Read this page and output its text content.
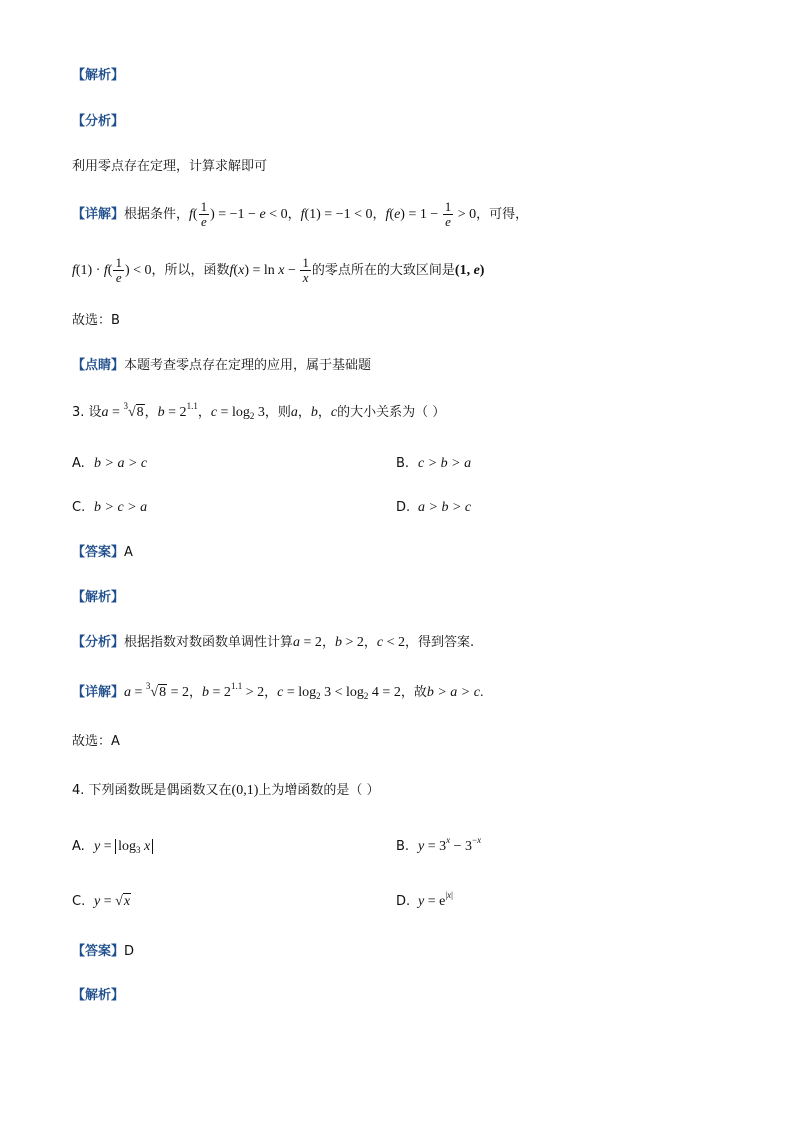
【解析】
【分析】
利用零点存在定理，计算求解即可
【详解】根据条件，$f( \frac{1}{e}$ ) = −1 − e < 0，f(1) = −1 < 0，$f(e) = 1 - \frac{1}{e} > 0$，可得，
$f(1) \cdot f( \frac{1}{e}$ ) < 0，所以，函数$f(x) = \ln x - \frac{1}{x}$ 的零点所在的大致区间是(1, e)
故选：B
【点睛】本题考查零点存在定理的应用，属于基础题
3. 设a = $^3$√8，$b = 2^{1.1}$，$c = \log_2 3$，则a，b，c的大小关系为（ ）
A. b > a > c	B. c > b > a
C. b > c > a	D. a > b > c
【答案】A
【解析】
【分析】根据指数对数函数单调性计算a = 2，b > 2，c < 2，得到答案.
【详解】a = $^3$√8 = 2，$b = 2^{1.1} > 2$，$c = \log_2 3 < \log_2 4 = 2$，故b > a > c.
故选：A
4. 下列函数既是偶函数又在(0,1)上为增函数的是（ ）
A. $y = \log_3 x$	B. $y = 3^x - 3^{-x}$
C. y = √x	D. $y = e^{|x|}$
【答案】D
【解析】
